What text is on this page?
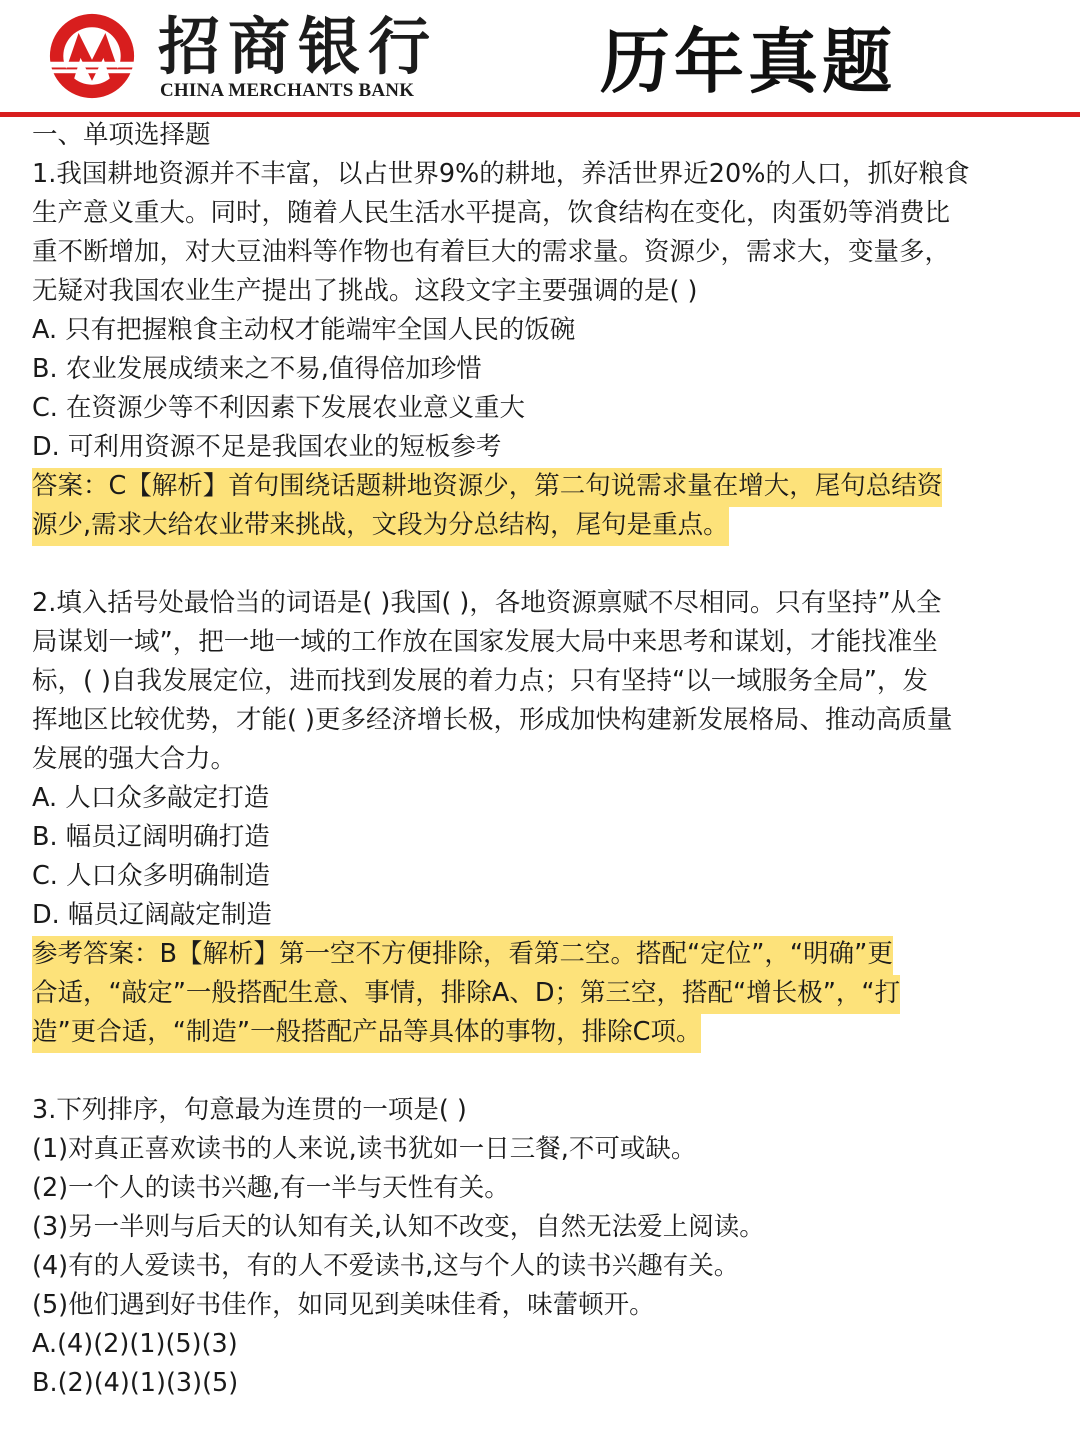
招商银行
CHINA MERCHANTS BANK	历年真题
一、单项选择题
1.我国耕地资源并不丰富，以占世界9%的耕地，养活世界近20%的人口，抓好粮食
生产意义重大。同时，随着人民生活水平提高，饮食结构在变化，肉蛋奶等消费比
重不断增加，对大豆油料等作物也有着巨大的需求量。资源少，需求大，变量多，
无疑对我国农业生产提出了挑战。这段文字主要强调的是( )
A. 只有把握粮食主动权才能端牢全国人民的饭碗
B. 农业发展成绩来之不易,值得倍加珍惜
C. 在资源少等不利因素下发展农业意义重大
D. 可利用资源不足是我国农业的短板参考
答案：C【解析】首句围绕话题耕地资源少，第二句说需求量在增大，尾句总结资
源少,需求大给农业带来挑战，文段为分总结构，尾句是重点。
2.填入括号处最恰当的词语是( )我国( )，各地资源禀赋不尽相同。只有坚持”从全
局谋划一域”，把一地一域的工作放在国家发展大局中来思考和谋划，才能找准坐
标，( )自我发展定位，进而找到发展的着力点；只有坚持“以一域服务全局”，发
挥地区比较优势，才能( )更多经济增长极，形成加快构建新发展格局、推动高质量
发展的强大合力。
A. 人口众多敲定打造
B. 幅员辽阔明确打造
C. 人口众多明确制造
D. 幅员辽阔敲定制造
参考答案：B【解析】第一空不方便排除，看第二空。搭配“定位”，“明确”更
合适，“敲定”一般搭配生意、事情，排除A、D；第三空，搭配“增长极”，“打
造”更合适，“制造”一般搭配产品等具体的事物，排除C项。
3.下列排序，句意最为连贯的一项是( )
(1)对真正喜欢读书的人来说,读书犹如一日三餐,不可或缺。
(2)一个人的读书兴趣,有一半与天性有关。
(3)另一半则与后天的认知有关,认知不改变，自然无法爱上阅读。
(4)有的人爱读书，有的人不爱读书,这与个人的读书兴趣有关。
(5)他们遇到好书佳作，如同见到美味佳肴，味蕾顿开。
A.(4)(2)(1)(5)(3)
B.(2)(4)(1)(3)(5)
